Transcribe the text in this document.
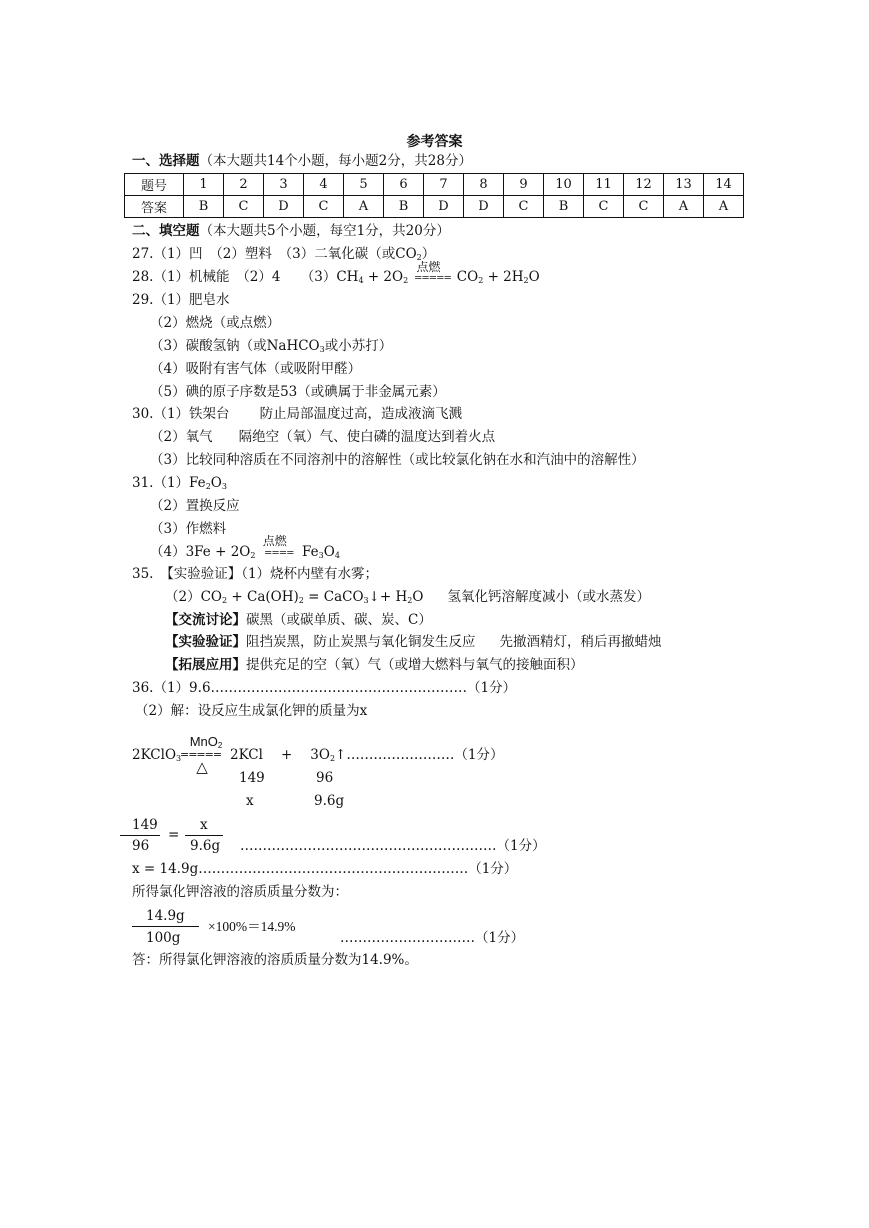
参考答案
一、选择题（本大题共14个小题，每小题2分，共28分）
题号	1	2	3	4	5	6	7	8	9	10	11	12	13	14
答案	B	C	D	C	A	B	D	D	C	B	C	C	A	A
二、填空题（本大题共5个小题，每空1分，共20分）
27.（1）凹　（2）塑料　（3）二氧化碳（或$CO_2$）
28.（1）机械能　（2）4　　$(3)CH_4 + 2O_2$
点燃
===== $CO_2 + 2H_2O$
29.（1）肥皂水
（2）燃烧（或点燃）
（3）碳酸氢钠（或NaHCO$_3$或小苏打）
（4）吸附有害气体（或吸附甲醛）
（5）碘的原子序数是53（或碘属于非金属元素）
30.（1）铁架台 防止局部温度过高，造成液滴飞溅
（2）氧气 隔绝空（氧）气、使白磷的温度达到着火点
（3）比较同种溶质在不同溶剂中的溶解性（或比较氯化钠在水和汽油中的溶解性）
$31.(1)Fe_2O_3$
（2）置换反应
（3）作燃料
$(4)3Fe + 2O_2$
点燃
==== $Fe_3O_4$
35.　【实验验证】（1）烧杯内壁有水雾；
$(2)CO_2 + Ca(OH)_2$ = CaCO$_3$↓+ $H_2O$ 氢氧化钙溶解度减小（或水蒸发）
【交流讨论】碳黑（或碳单质、碳、炭、C）
【实验验证】阻挡炭黑，防止炭黑与氧化铜发生反应 先撤酒精灯，稍后再撤蜡烛
【拓展应用】提供充足的空（氧）气（或增大燃料与氧气的接触面积）
36.（1）9.6…………………………………………………（1分）
（2）解：设反应生成氯化钾的质量为x
2KClO$_3$
MnO$_2$
=====
△
$2KCl + 3O_2↑\dots\dots\dots\dots\dots\dots\dots\dots(1$分）
149	96
x	9.6g
149
96
=
x
9.6g …………………………………………………（1分）
x = 14.9g……………………………………………………（1分）
所得氯化钾溶液的溶质质量分数为：
14.9g
100g
×100%＝14.9%
…………………………（1分）
答：所得氯化钾溶液的溶质质量分数为14.9%。
